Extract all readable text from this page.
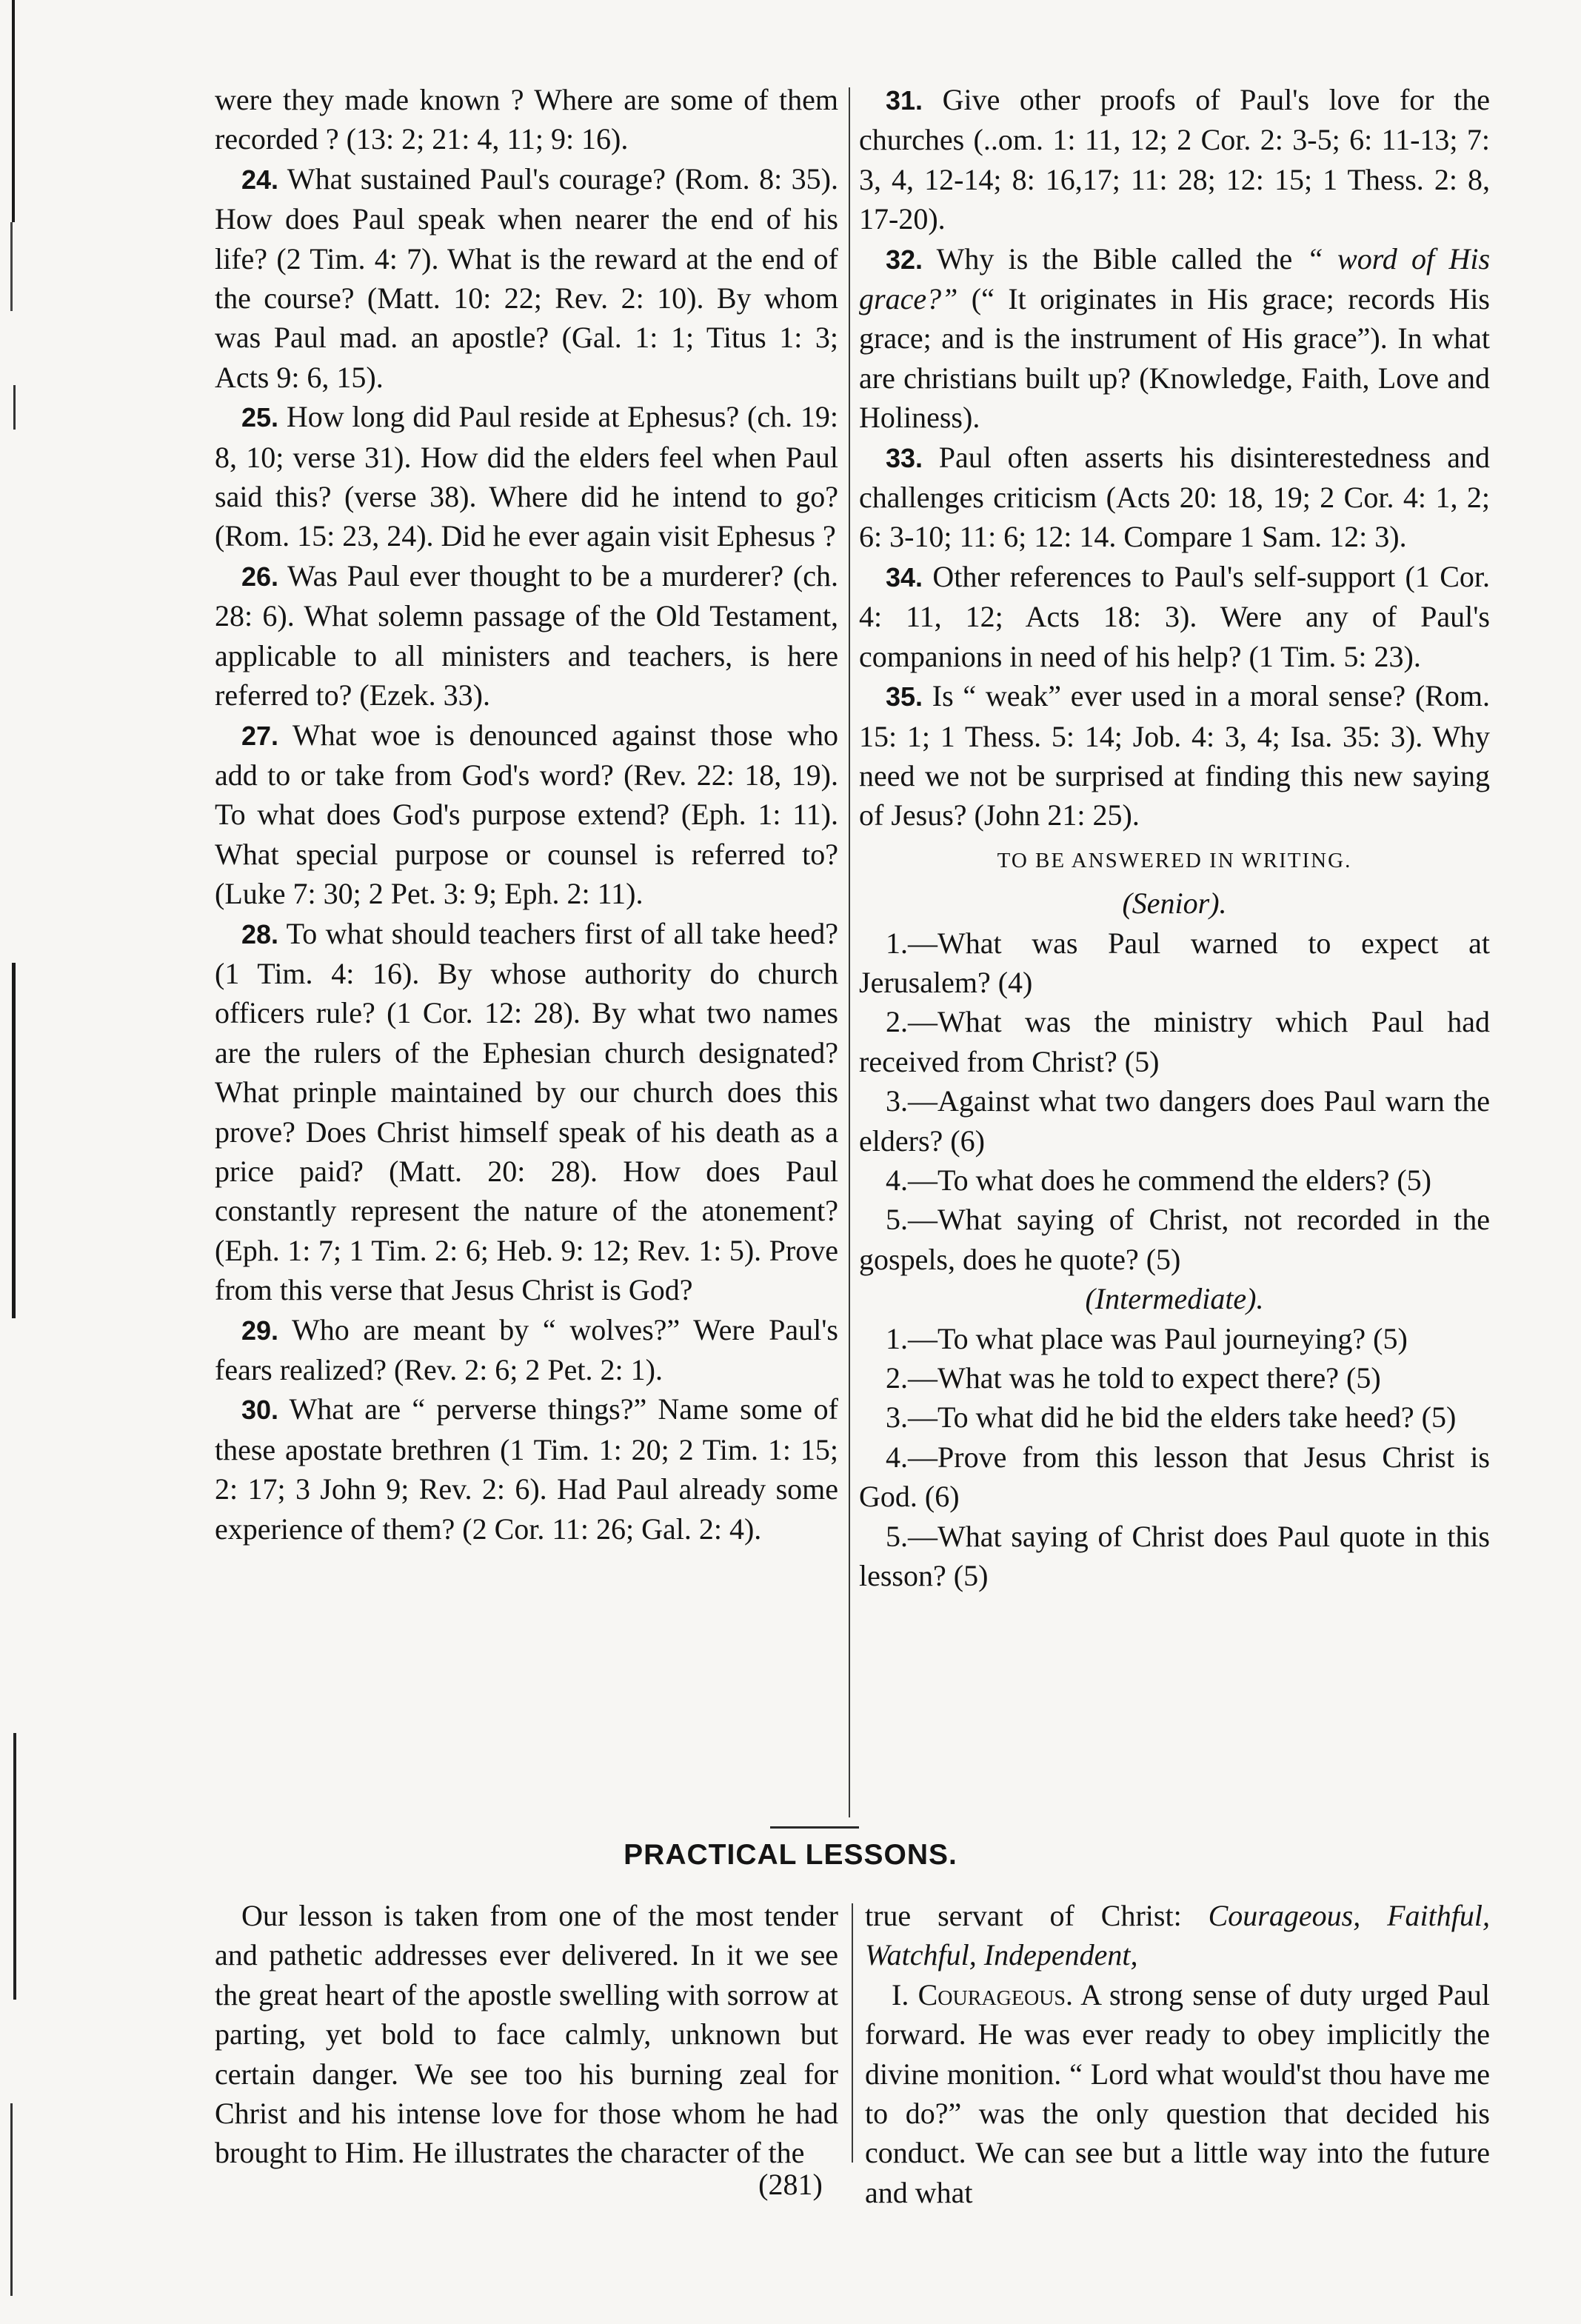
were they made known ? Where are some of them recorded ? (13: 2; 21: 4, 11; 9: 16).

24. What sustained Paul's courage? (Rom. 8: 35). How does Paul speak when nearer the end of his life? (2 Tim. 4: 7). What is the reward at the end of the course? (Matt. 10: 22; Rev. 2: 10). By whom was Paul mad. an apostle? (Gal. 1: 1; Titus 1: 3; Acts 9: 6, 15).

25. How long did Paul reside at Ephesus? (ch. 19: 8, 10; verse 31). How did the elders feel when Paul said this? (verse 38). Where did he intend to go? (Rom. 15: 23, 24). Did he ever again visit Ephesus ?

26. Was Paul ever thought to be a murderer? (ch. 28: 6). What solemn passage of the Old Testament, applicable to all ministers and teachers, is here referred to? (Ezek. 33).

27. What woe is denounced against those who add to or take from God's word? (Rev. 22: 18, 19). To what does God's purpose extend? (Eph. 1: 11). What special purpose or counsel is referred to? (Luke 7: 30; 2 Pet. 3: 9; Eph. 2: 11).

28. To what should teachers first of all take heed? (1 Tim. 4: 16). By whose authority do church officers rule? (1 Cor. 12: 28). By what two names are the rulers of the Ephesian church designated? What prinple maintained by our church does this prove? Does Christ himself speak of his death as a price paid? (Matt. 20: 28). How does Paul constantly represent the nature of the atonement? (Eph. 1: 7; 1 Tim. 2: 6; Heb. 9: 12; Rev. 1: 5). Prove from this verse that Jesus Christ is God?

29. Who are meant by “ wolves?” Were Paul's fears realized? (Rev. 2: 6; 2 Pet. 2: 1).

30. What are “ perverse things?” Name some of these apostate brethren (1 Tim. 1: 20; 2 Tim. 1: 15; 2: 17; 3 John 9; Rev. 2: 6). Had Paul already some experience of them? (2 Cor. 11: 26; Gal. 2: 4).

31. Give other proofs of Paul's love for the churches (..om. 1: 11, 12; 2 Cor. 2: 3-5; 6: 11-13; 7: 3, 4, 12-14; 8: 16,17; 11: 28; 12: 15; 1 Thess. 2: 8, 17-20).

32. Why is the Bible called the “ word of His grace?” (“ It originates in His grace; records His grace; and is the instrument of His grace”). In what are christians built up? (Knowledge, Faith, Love and Holiness).

33. Paul often asserts his disinterestedness and challenges criticism (Acts 20: 18, 19; 2 Cor. 4: 1, 2; 6: 3-10; 11: 6; 12: 14. Compare 1 Sam. 12: 3).

34. Other references to Paul's self-support (1 Cor. 4: 11, 12; Acts 18: 3). Were any of Paul's companions in need of his help? (1 Tim. 5: 23).

35. Is “ weak” ever used in a moral sense? (Rom. 15: 1; 1 Thess. 5: 14; Job. 4: 3, 4; Isa. 35: 3). Why need we not be surprised at finding this new saying of Jesus? (John 21: 25).

TO BE ANSWERED IN WRITING.

(Senior).

1.—What was Paul warned to expect at Jerusalem? (4)

2.—What was the ministry which Paul had received from Christ? (5)

3.—Against what two dangers does Paul warn the elders? (6)

4.—To what does he commend the elders? (5)

5.—What saying of Christ, not recorded in the gospels, does he quote? (5)

(Intermediate).

1.—To what place was Paul journeying? (5)

2.—What was he told to expect there? (5)

3.—To what did he bid the elders take heed? (5)

4.—Prove from this lesson that Jesus Christ is God. (6)

5.—What saying of Christ does Paul quote in this lesson? (5)

PRACTICAL LESSONS.

Our lesson is taken from one of the most tender and pathetic addresses ever delivered. In it we see the great heart of the apostle swelling with sorrow at parting, yet bold to face calmly, unknown but certain danger. We see too his burning zeal for Christ and his intense love for those whom he had brought to Him. He illustrates the character of the

true servant of Christ: Courageous, Faithful, Watchful, Independent,

I. Courageous. A strong sense of duty urged Paul forward. He was ever ready to obey implicitly the divine monition. “ Lord what would'st thou have me to do?” was the only question that decided his conduct. We can see but a little way into the future and what

(281)
